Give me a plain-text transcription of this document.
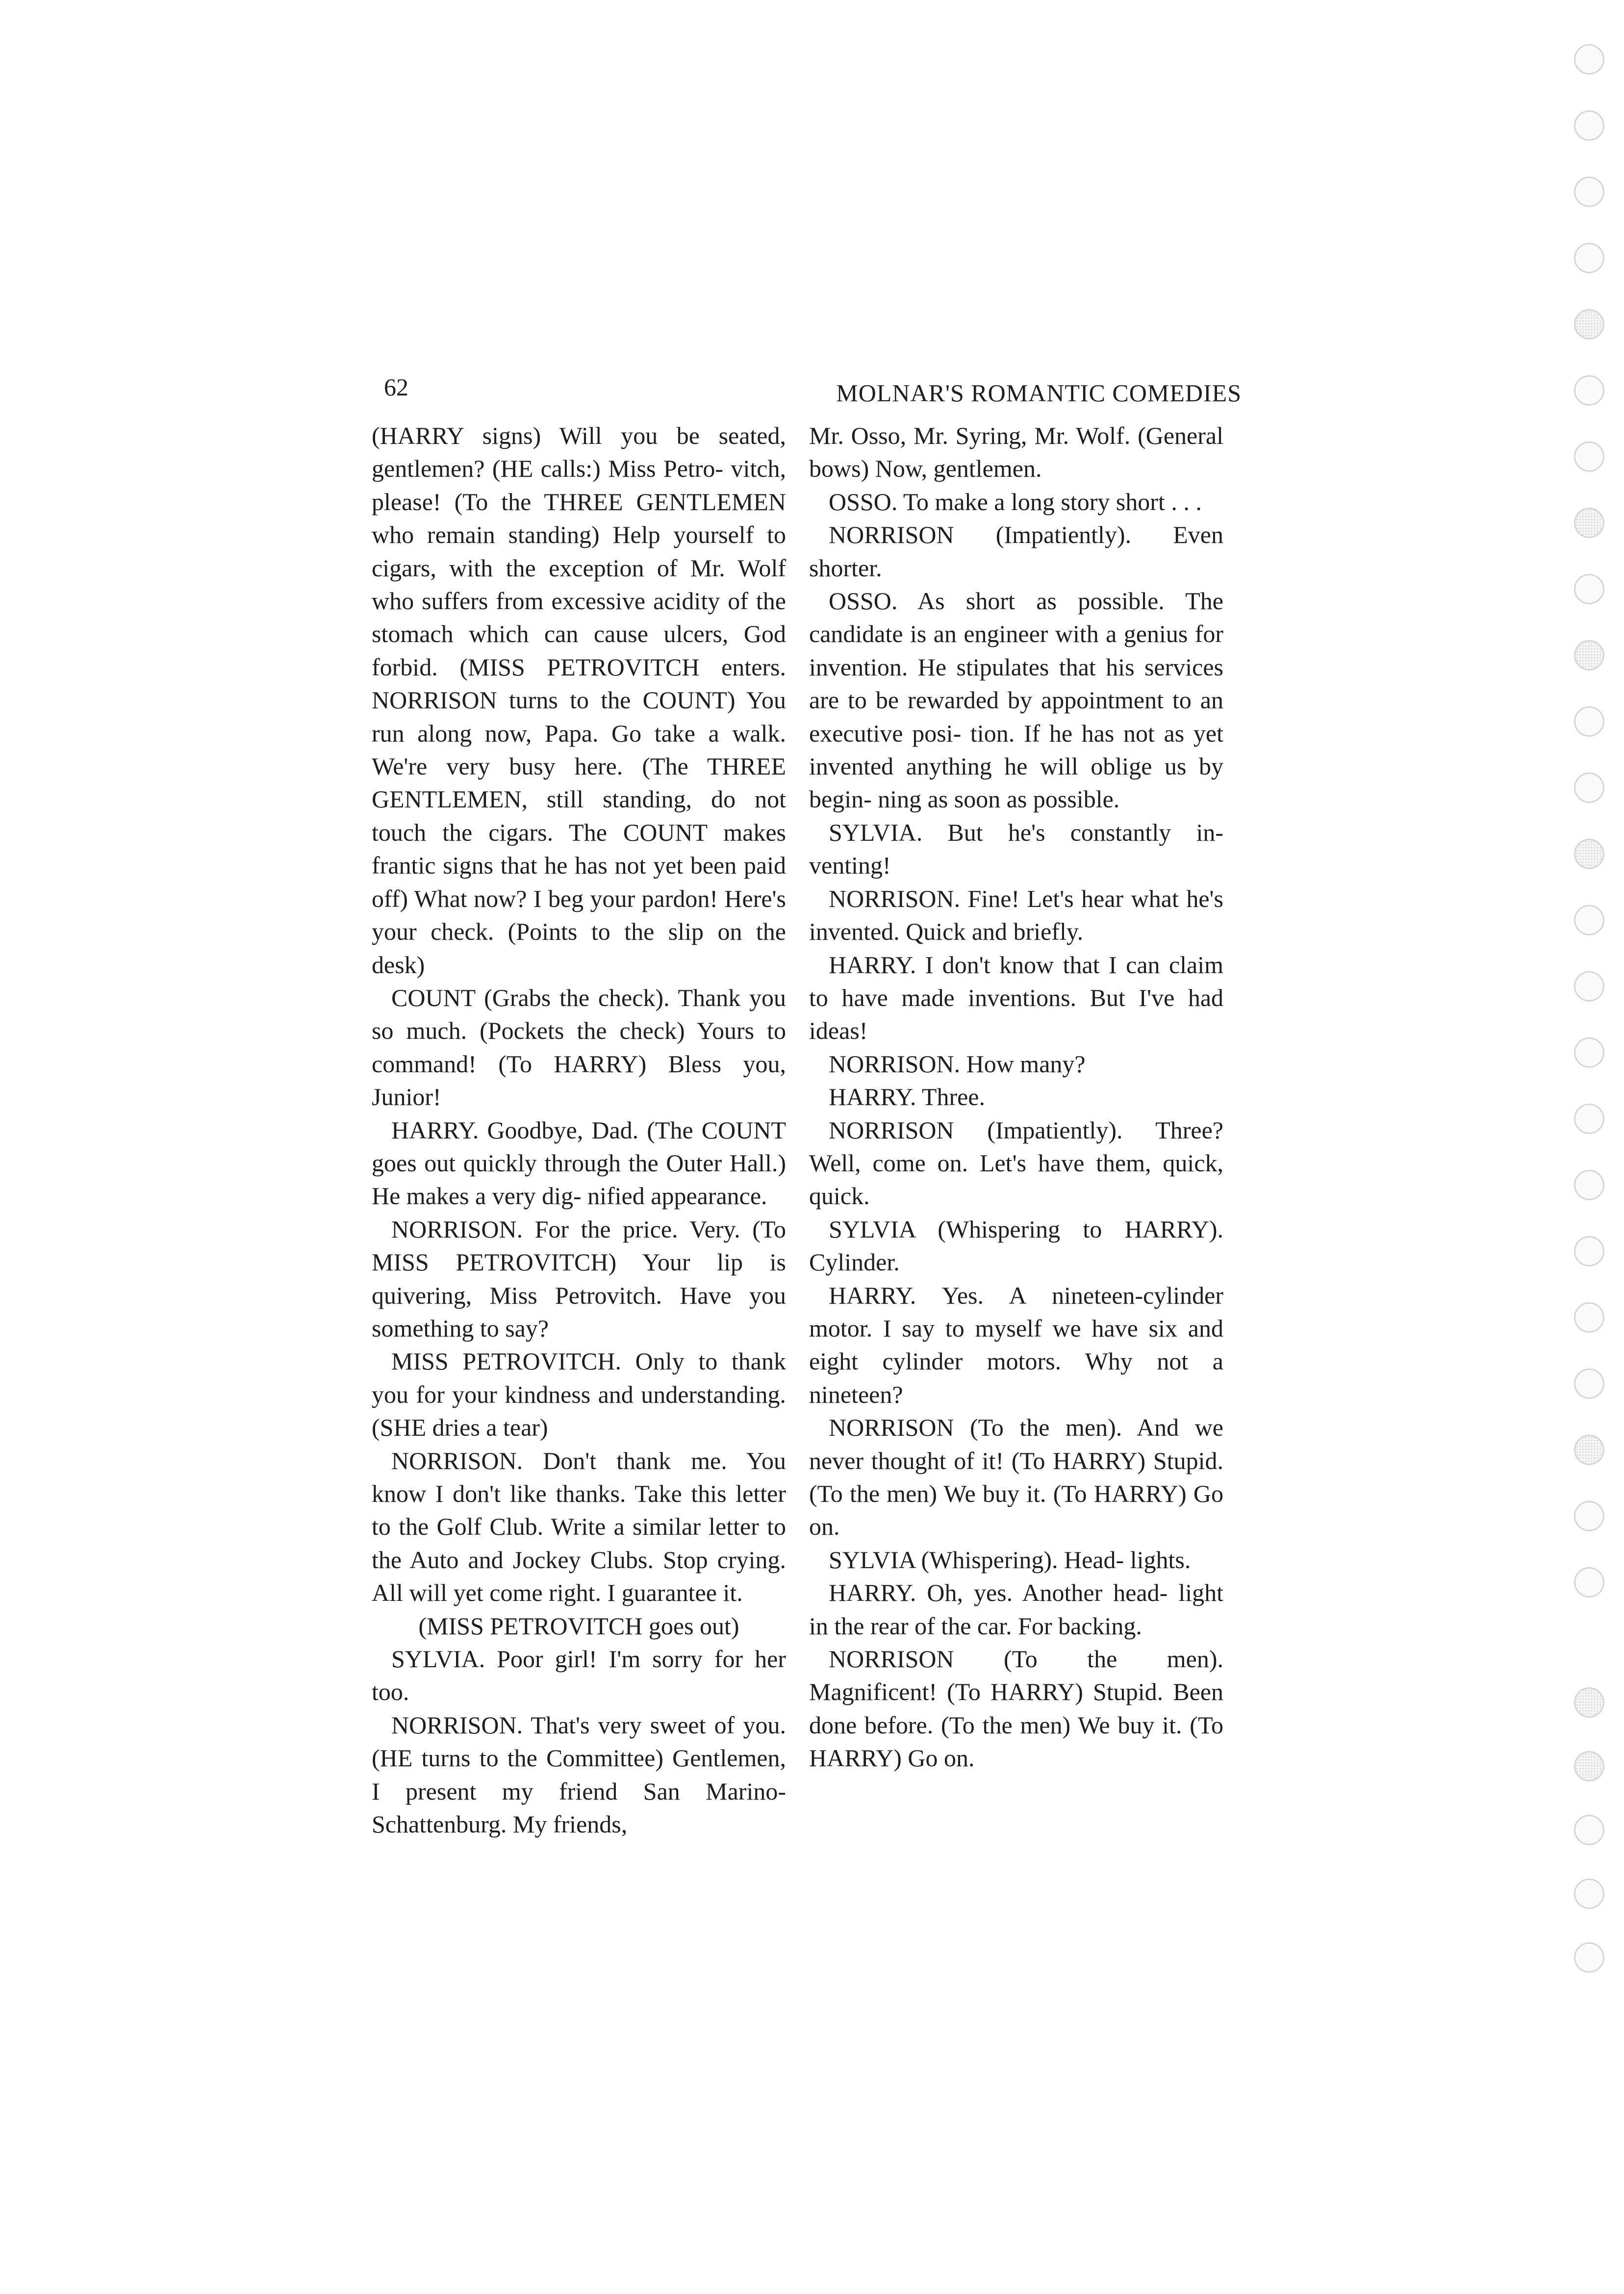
62	MOLNAR'S ROMANTIC COMEDIES

(HARRY signs) Will you be seated, gentlemen? (HE calls:) Miss Petro- vitch, please! (To the THREE GENTLEMEN who remain standing) Help yourself to cigars, with the exception of Mr. Wolf who suffers from excessive acidity of the stomach which can cause ulcers, God forbid. (MISS PETROVITCH enters. NORRISON turns to the COUNT) You run along now, Papa. Go take a walk. We're very busy here. (The THREE GENTLEMEN, still standing, do not touch the cigars. The COUNT makes frantic signs that he has not yet been paid off) What now? I beg your pardon! Here's your check. (Points to the slip on the desk)

COUNT (Grabs the check). Thank you so much. (Pockets the check) Yours to command! (To HARRY) Bless you, Junior!

HARRY. Goodbye, Dad. (The COUNT goes out quickly through the Outer Hall.) He makes a very dig- nified appearance.

NORRISON. For the price. Very. (To MISS PETROVITCH) Your lip is quivering, Miss Petrovitch. Have you something to say?

MISS PETROVITCH. Only to thank you for your kindness and understanding. (SHE dries a tear)

NORRISON. Don't thank me. You know I don't like thanks. Take this letter to the Golf Club. Write a similar letter to the Auto and Jockey Clubs. Stop crying. All will yet come right. I guarantee it.

(MISS PETROVITCH goes out)

SYLVIA. Poor girl! I'm sorry for her too.

NORRISON. That's very sweet of you. (HE turns to the Committee) Gentlemen, I present my friend San Marino-Schattenburg. My friends,

Mr. Osso, Mr. Syring, Mr. Wolf. (General bows) Now, gentlemen.

OSSO. To make a long story short . . .

NORRISON (Impatiently). Even shorter.

OSSO. As short as possible. The candidate is an engineer with a genius for invention. He stipulates that his services are to be rewarded by appointment to an executive posi- tion. If he has not as yet invented anything he will oblige us by begin- ning as soon as possible.

SYLVIA. But he's constantly in- venting!

NORRISON. Fine! Let's hear what he's invented. Quick and briefly.

HARRY. I don't know that I can claim to have made inventions. But I've had ideas!

NORRISON. How many?

HARRY. Three.

NORRISON (Impatiently). Three? Well, come on. Let's have them, quick, quick.

SYLVIA (Whispering to HARRY). Cylinder.

HARRY. Yes. A nineteen-cylinder motor. I say to myself we have six and eight cylinder motors. Why not a nineteen?

NORRISON (To the men). And we never thought of it! (To HARRY) Stupid. (To the men) We buy it. (To HARRY) Go on.

SYLVIA (Whispering). Head- lights.

HARRY. Oh, yes. Another head- light in the rear of the car. For backing.

NORRISON (To the men). Magnificent! (To HARRY) Stupid. Been done before. (To the men) We buy it. (To HARRY) Go on.
